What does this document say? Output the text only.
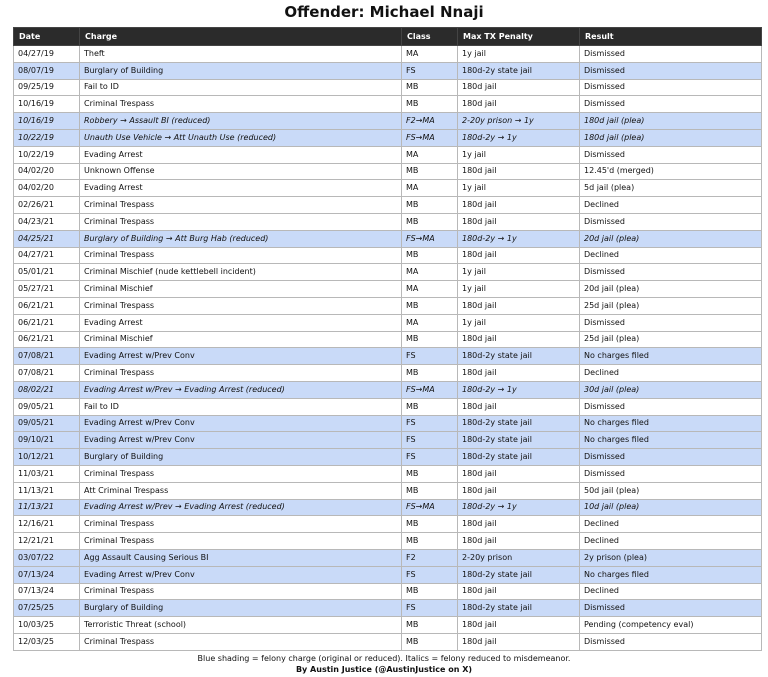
Offender: Michael Nnaji
Date	Charge	Class	Max TX Penalty	Result
04/27/19	Theft	MA	1y jail	Dismissed
08/07/19	Burglary of Building	FS	180d-2y state jail	Dismissed
09/25/19	Fail to ID	MB	180d jail	Dismissed
10/16/19	Criminal Trespass	MB	180d jail	Dismissed
10/16/19	Robbery → Assault BI (reduced)	F2→MA	2-20y prison → 1y	180d jail (plea)
10/22/19	Unauth Use Vehicle → Att Unauth Use (reduced)	FS→MA	180d-2y → 1y	180d jail (plea)
10/22/19	Evading Arrest	MA	1y jail	Dismissed
04/02/20	Unknown Offense	MB	180d jail	12.45'd (merged)
04/02/20	Evading Arrest	MA	1y jail	5d jail (plea)
02/26/21	Criminal Trespass	MB	180d jail	Declined
04/23/21	Criminal Trespass	MB	180d jail	Dismissed
04/25/21	Burglary of Building → Att Burg Hab (reduced)	FS→MA	180d-2y → 1y	20d jail (plea)
04/27/21	Criminal Trespass	MB	180d jail	Declined
05/01/21	Criminal Mischief (nude kettlebell incident)	MA	1y jail	Dismissed
05/27/21	Criminal Mischief	MA	1y jail	20d jail (plea)
06/21/21	Criminal Trespass	MB	180d jail	25d jail (plea)
06/21/21	Evading Arrest	MA	1y jail	Dismissed
06/21/21	Criminal Mischief	MB	180d jail	25d jail (plea)
07/08/21	Evading Arrest w/Prev Conv	FS	180d-2y state jail	No charges filed
07/08/21	Criminal Trespass	MB	180d jail	Declined
08/02/21	Evading Arrest w/Prev → Evading Arrest (reduced)	FS→MA	180d-2y → 1y	30d jail (plea)
09/05/21	Fail to ID	MB	180d jail	Dismissed
09/05/21	Evading Arrest w/Prev Conv	FS	180d-2y state jail	No charges filed
09/10/21	Evading Arrest w/Prev Conv	FS	180d-2y state jail	No charges filed
10/12/21	Burglary of Building	FS	180d-2y state jail	Dismissed
11/03/21	Criminal Trespass	MB	180d jail	Dismissed
11/13/21	Att Criminal Trespass	MB	180d jail	50d jail (plea)
11/13/21	Evading Arrest w/Prev → Evading Arrest (reduced)	FS→MA	180d-2y → 1y	10d jail (plea)
12/16/21	Criminal Trespass	MB	180d jail	Declined
12/21/21	Criminal Trespass	MB	180d jail	Declined
03/07/22	Agg Assault Causing Serious BI	F2	2-20y prison	2y prison (plea)
07/13/24	Evading Arrest w/Prev Conv	FS	180d-2y state jail	No charges filed
07/13/24	Criminal Trespass	MB	180d jail	Declined
07/25/25	Burglary of Building	FS	180d-2y state jail	Dismissed
10/03/25	Terroristic Threat (school)	MB	180d jail	Pending (competency eval)
12/03/25	Criminal Trespass	MB	180d jail	Dismissed
Blue shading = felony charge (original or reduced). Italics = felony reduced to misdemeanor.
By Austin Justice (@AustinJustice on X)
